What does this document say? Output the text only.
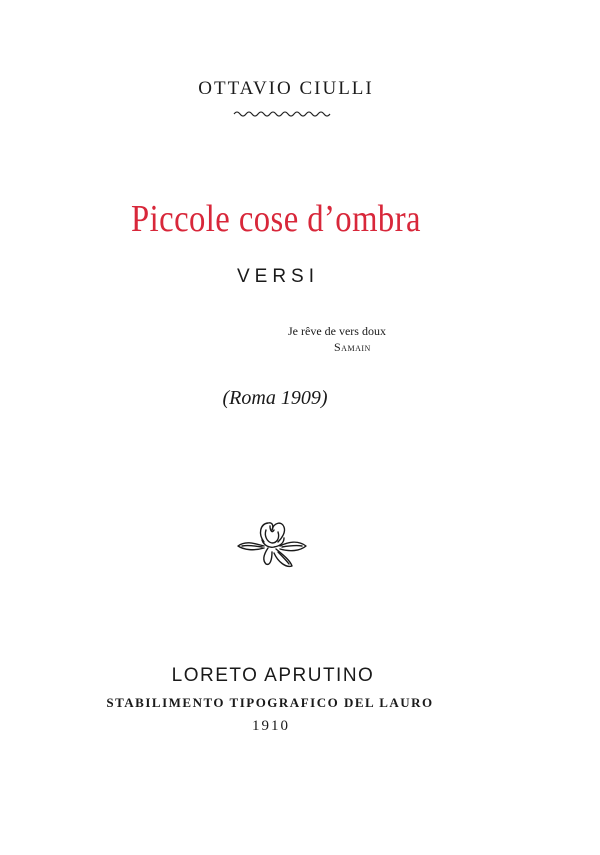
OTTAVIO CIULLI
Piccole cose d’ombra
VERSI
Je rêve de vers doux
Samain
(Roma 1909)
LORETO APRUTINO
STABILIMENTO TIPOGRAFICO DEL LAURO
1910
